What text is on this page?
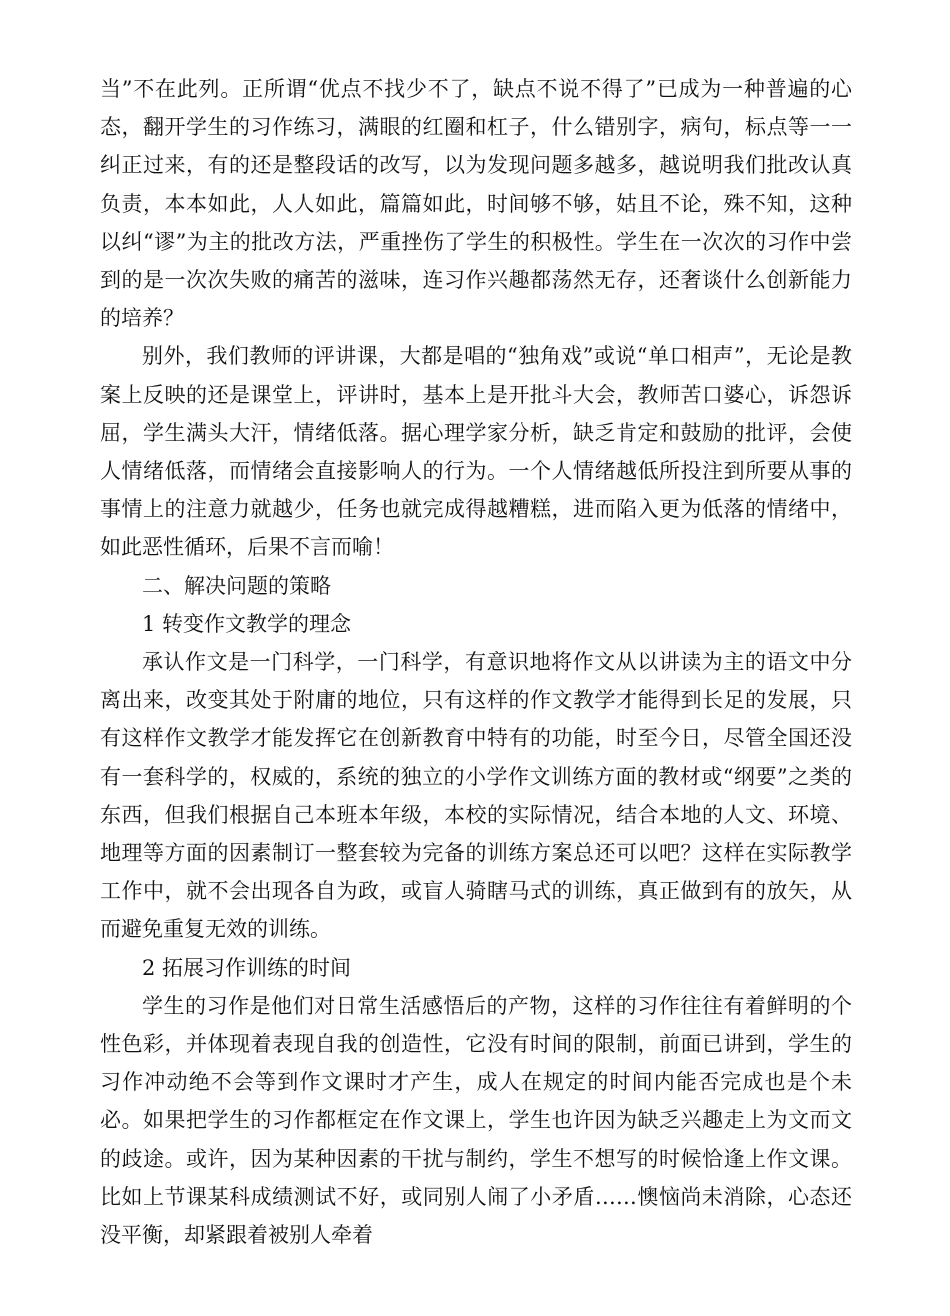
当”不在此列。正所谓“优点不找少不了，缺点不说不得了”已成为一种普遍的心态，翻开学生的习作练习，满眼的红圈和杠子，什么错别字，病句，标点等一一纠正过来，有的还是整段话的改写，以为发现问题多越多，越说明我们批改认真负责，本本如此，人人如此，篇篇如此，时间够不够，姑且不论，殊不知，这种以纠“谬”为主的批改方法，严重挫伤了学生的积极性。学生在一次次的习作中尝到的是一次次失败的痛苦的滋味，连习作兴趣都荡然无存，还奢谈什么创新能力的培养？

别外，我们教师的评讲课，大都是唱的“独角戏”或说“单口相声”，无论是教案上反映的还是课堂上，评讲时，基本上是开批斗大会，教师苦口婆心，诉怨诉屈，学生满头大汗，情绪低落。据心理学家分析，缺乏肯定和鼓励的批评，会使人情绪低落，而情绪会直接影响人的行为。一个人情绪越低所投注到所要从事的事情上的注意力就越少，任务也就完成得越糟糕，进而陷入更为低落的情绪中，如此恶性循环，后果不言而喻！

二、解决问题的策略

1 转变作文教学的理念

承认作文是一门科学，一门科学，有意识地将作文从以讲读为主的语文中分离出来，改变其处于附庸的地位，只有这样的作文教学才能得到长足的发展，只有这样作文教学才能发挥它在创新教育中特有的功能，时至今日，尽管全国还没有一套科学的，权威的，系统的独立的小学作文训练方面的教材或“纲要”之类的东西，但我们根据自己本班本年级，本校的实际情况，结合本地的人文、环境、地理等方面的因素制订一整套较为完备的训练方案总还可以吧？这样在实际教学工作中，就不会出现各自为政，或盲人骑瞎马式的训练，真正做到有的放矢，从而避免重复无效的训练。

2 拓展习作训练的时间

学生的习作是他们对日常生活感悟后的产物，这样的习作往往有着鲜明的个性色彩，并体现着表现自我的创造性，它没有时间的限制，前面已讲到，学生的习作冲动绝不会等到作文课时才产生，成人在规定的时间内能否完成也是个未必。如果把学生的习作都框定在作文课上，学生也许因为缺乏兴趣走上为文而文的歧途。或许，因为某种因素的干扰与制约，学生不想写的时候恰逢上作文课。比如上节课某科成绩测试不好，或同别人闹了小矛盾……懊恼尚未消除，心态还没平衡，却紧跟着被别人牵着
